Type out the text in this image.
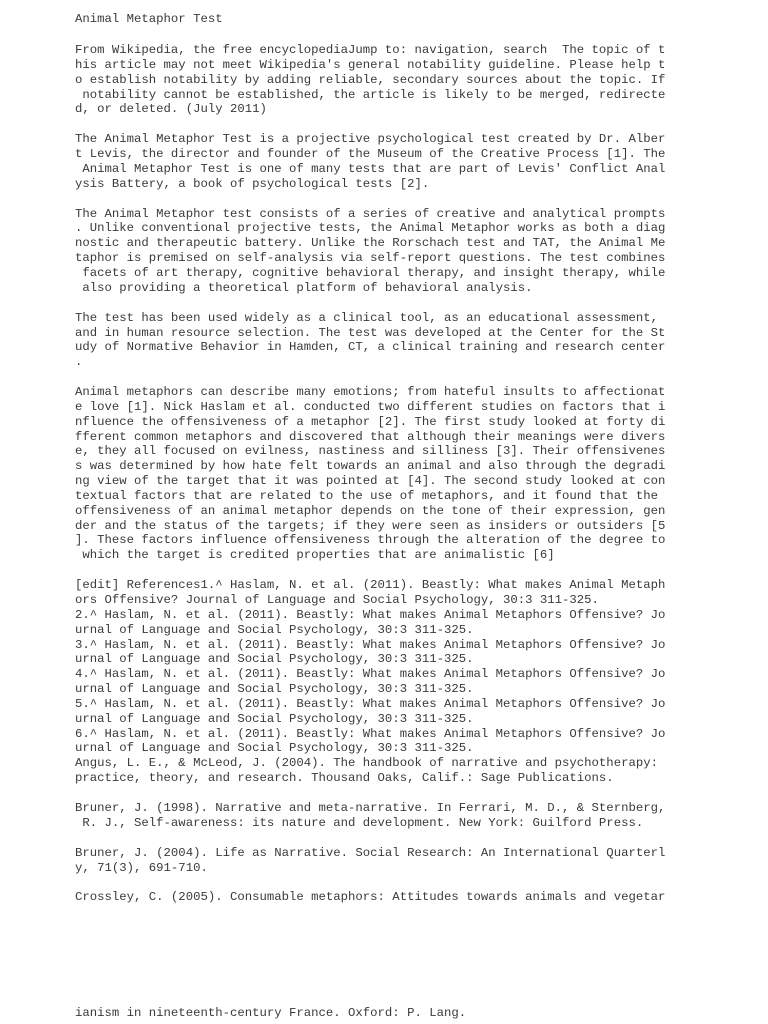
Animal Metaphor Test
From Wikipedia, the free encyclopediaJump to: navigation, search  The topic of t
his article may not meet Wikipedia's general notability guideline. Please help t
o establish notability by adding reliable, secondary sources about the topic. If
notability cannot be established, the article is likely to be merged, redirecte
d, or deleted. (July 2011)
The Animal Metaphor Test is a projective psychological test created by Dr. Alber
t Levis, the director and founder of the Museum of the Creative Process [1]. The
Animal Metaphor Test is one of many tests that are part of Levis' Conflict Anal
ysis Battery, a book of psychological tests [2].
The Animal Metaphor test consists of a series of creative and analytical prompts
. Unlike conventional projective tests, the Animal Metaphor works as both a diag
nostic and therapeutic battery. Unlike the Rorschach test and TAT, the Animal Me
taphor is premised on self-analysis via self-report questions. The test combines
facets of art therapy, cognitive behavioral therapy, and insight therapy, while
also providing a theoretical platform of behavioral analysis.
The test has been used widely as a clinical tool, as an educational assessment,
and in human resource selection. The test was developed at the Center for the St
udy of Normative Behavior in Hamden, CT, a clinical training and research center
.
Animal metaphors can describe many emotions; from hateful insults to affectionat
e love [1]. Nick Haslam et al. conducted two different studies on factors that i
nfluence the offensiveness of a metaphor [2]. The first study looked at forty di
fferent common metaphors and discovered that although their meanings were divers
e, they all focused on evilness, nastiness and silliness [3]. Their offensivenes
s was determined by how hate felt towards an animal and also through the degradi
ng view of the target that it was pointed at [4]. The second study looked at con
textual factors that are related to the use of metaphors, and it found that the
offensiveness of an animal metaphor depends on the tone of their expression, gen
der and the status of the targets; if they were seen as insiders or outsiders [5
]. These factors influence offensiveness through the alteration of the degree to
which the target is credited properties that are animalistic [6]
[edit] References1.^ Haslam, N. et al. (2011). Beastly: What makes Animal Metaph
ors Offensive? Journal of Language and Social Psychology, 30:3 311-325.
2.^ Haslam, N. et al. (2011). Beastly: What makes Animal Metaphors Offensive? Jo
urnal of Language and Social Psychology, 30:3 311-325.
3.^ Haslam, N. et al. (2011). Beastly: What makes Animal Metaphors Offensive? Jo
urnal of Language and Social Psychology, 30:3 311-325.
4.^ Haslam, N. et al. (2011). Beastly: What makes Animal Metaphors Offensive? Jo
urnal of Language and Social Psychology, 30:3 311-325.
5.^ Haslam, N. et al. (2011). Beastly: What makes Animal Metaphors Offensive? Jo
urnal of Language and Social Psychology, 30:3 311-325.
6.^ Haslam, N. et al. (2011). Beastly: What makes Animal Metaphors Offensive? Jo
urnal of Language and Social Psychology, 30:3 311-325.
Angus, L. E., & McLeod, J. (2004). The handbook of narrative and psychotherapy:
practice, theory, and research. Thousand Oaks, Calif.: Sage Publications.
Bruner, J. (1998). Narrative and meta-narrative. In Ferrari, M. D., & Sternberg,
R. J., Self-awareness: its nature and development. New York: Guilford Press.
Bruner, J. (2004). Life as Narrative. Social Research: An International Quarterl
y, 71(3), 691-710.
Crossley, C. (2005). Consumable metaphors: Attitudes towards animals and vegetar
ianism in nineteenth-century France. Oxford: P. Lang.
